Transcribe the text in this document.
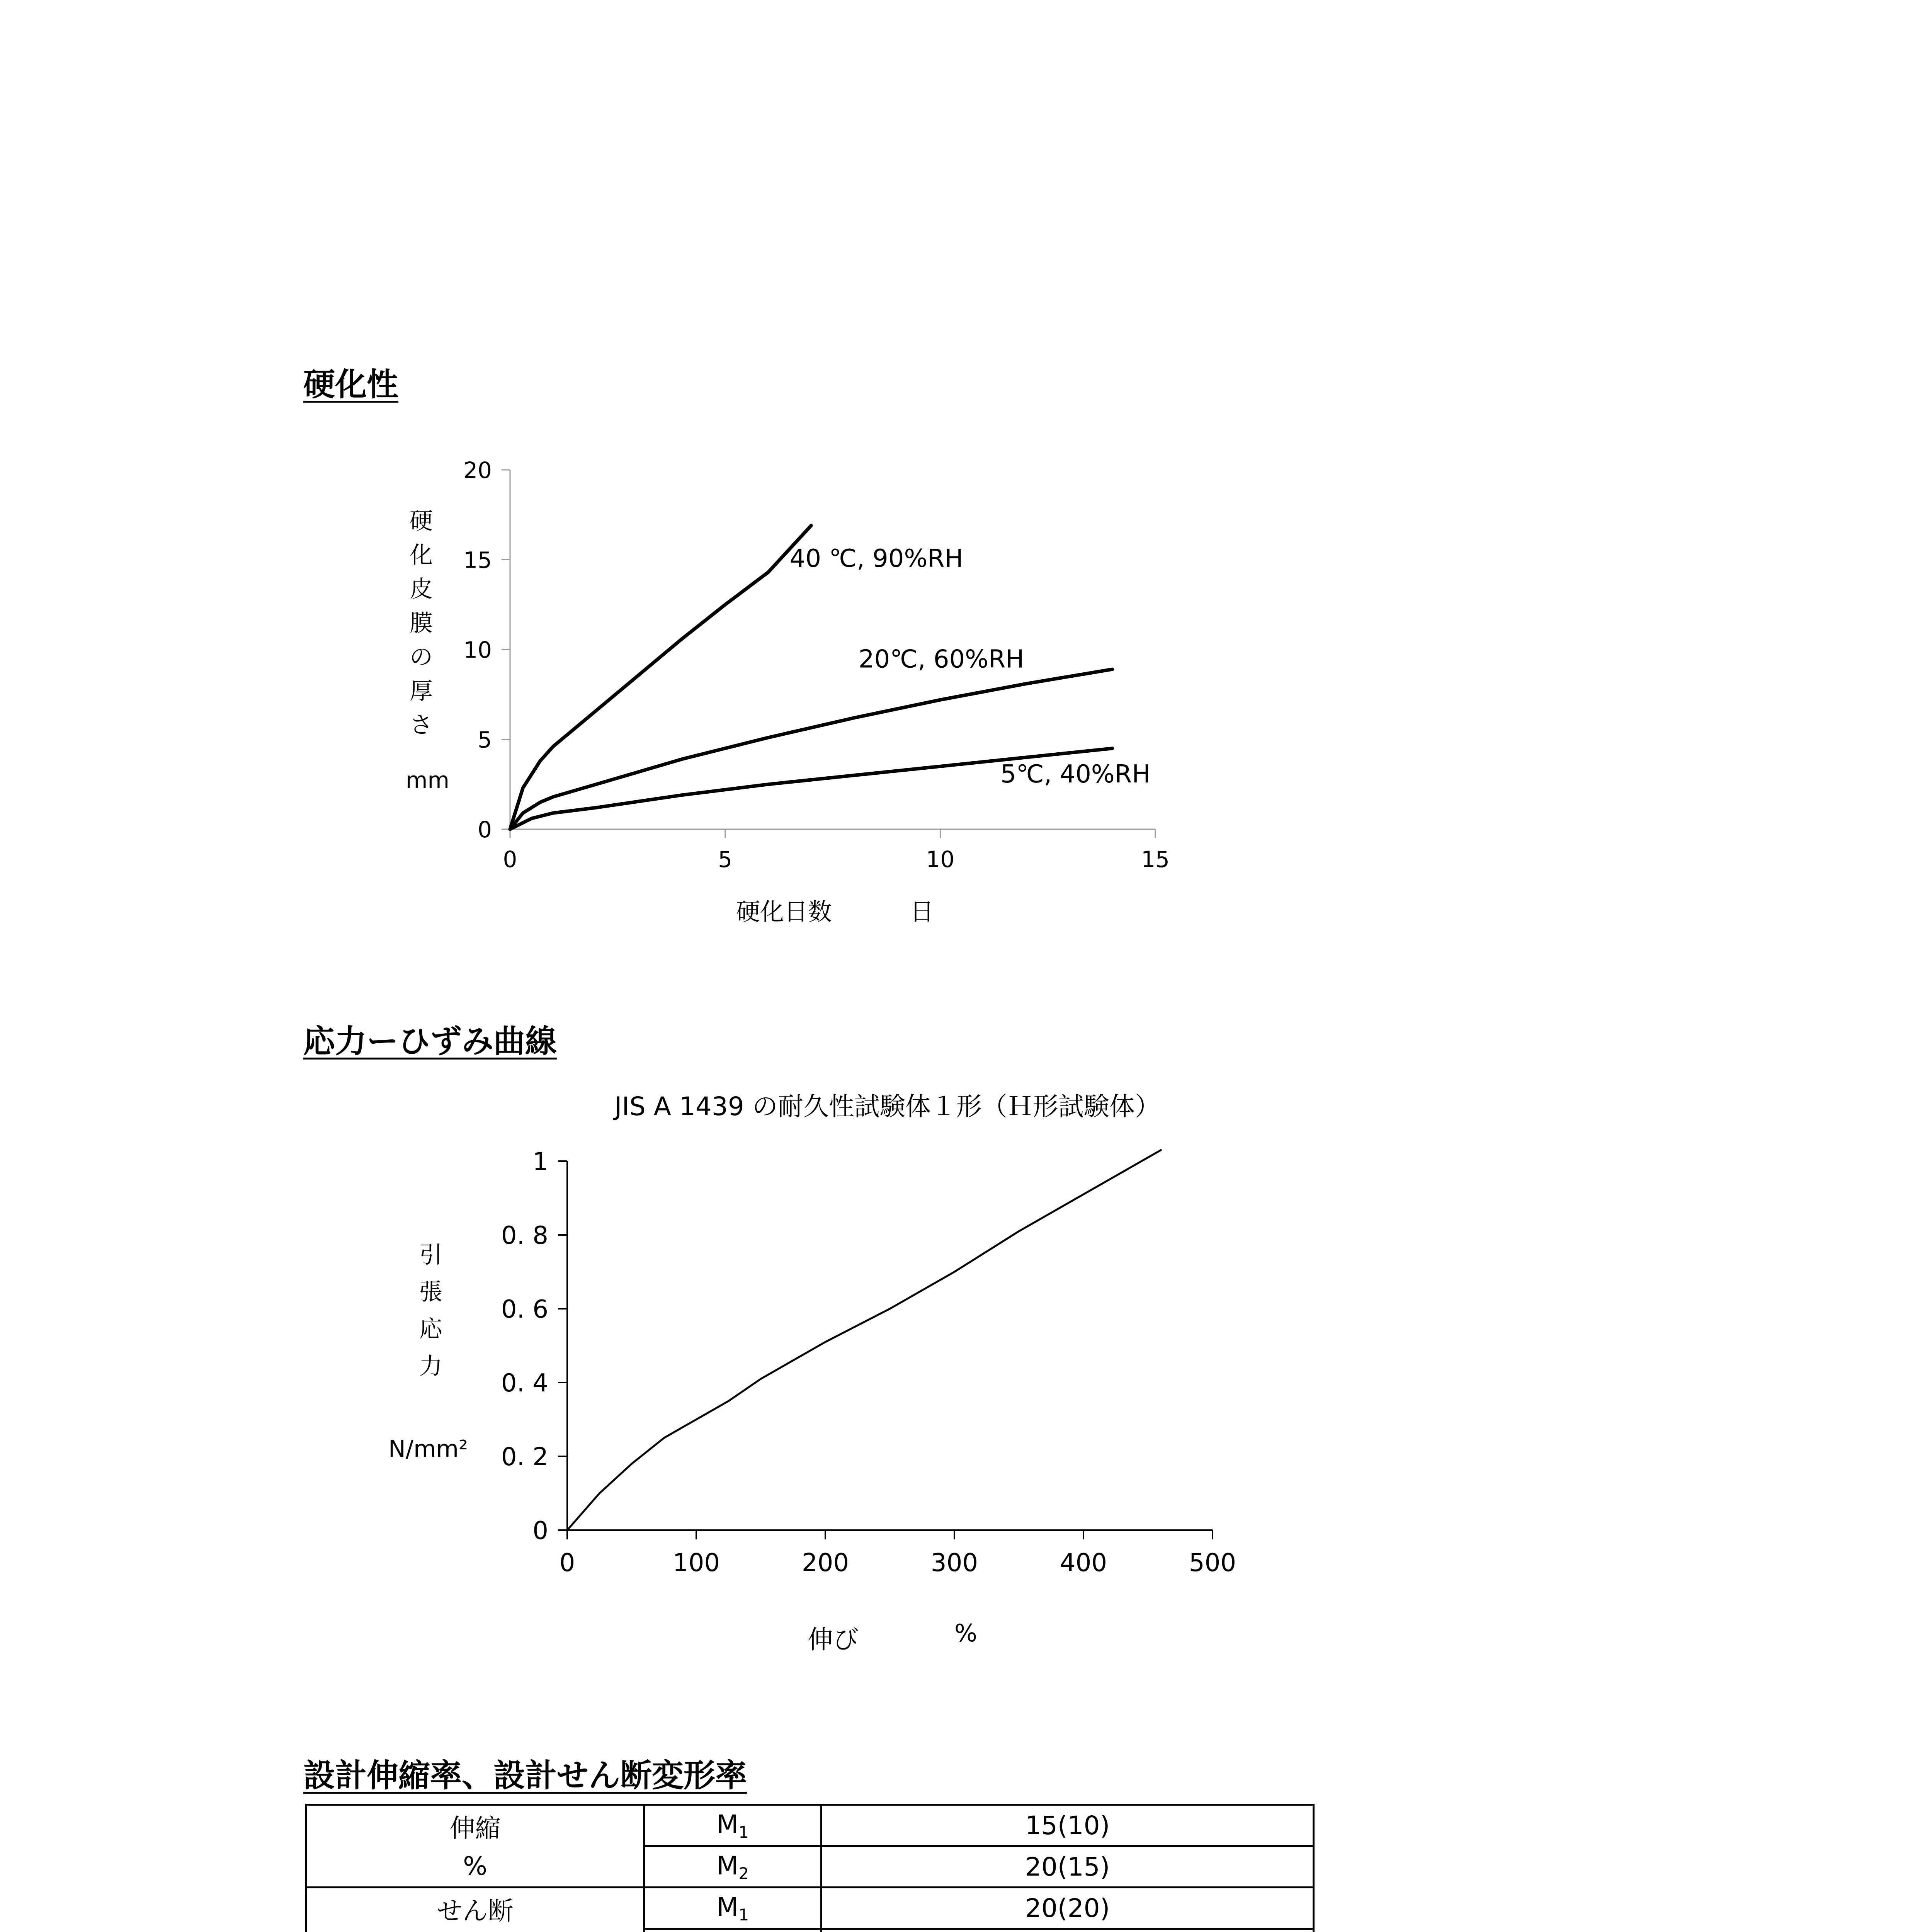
硬化性
硬
化
皮
膜
の
厚
さ
mm
0
5
10
15
20
0	5	10	15
40 ℃, 90%RH
20℃, 60%RH
5℃, 40%RH
硬化日数	日
応力ーひずみ曲線
JIS A 1439 の耐久性試験体１形（Ｈ形試験体）
引
張
応
力
N/mm²
0
0. 2
0. 4
0. 6
0. 8
1
0	100	200	300	400	500
伸び	%
設計伸縮率、設計せん断変形率
伸縮	$M_1$	15(10)
%	$M_2$	20(15)
せん断	$M_1$	20(20)
